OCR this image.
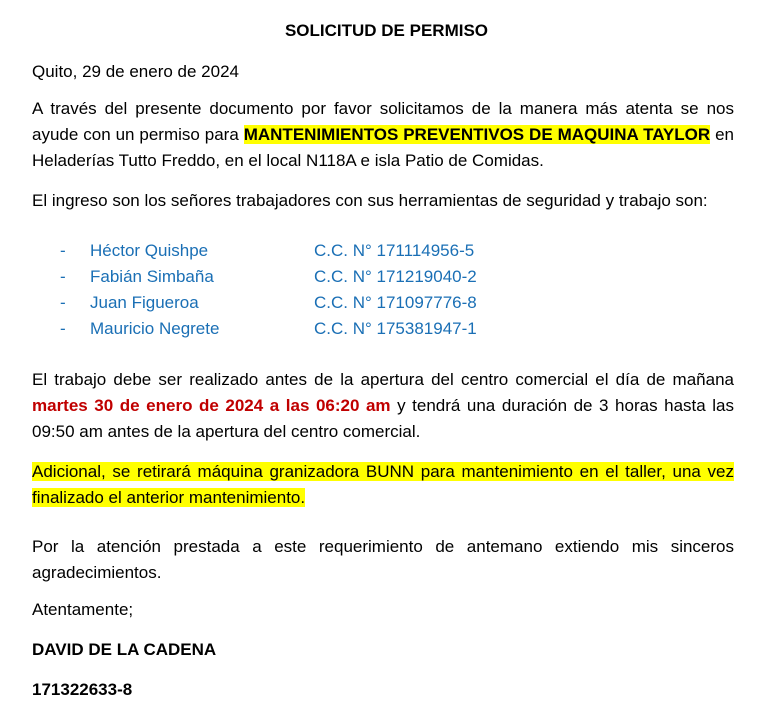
SOLICITUD DE PERMISO
Quito, 29 de enero de 2024
A través del presente documento por favor solicitamos de la manera más atenta se nos ayude con un permiso para MANTENIMIENTOS PREVENTIVOS DE MAQUINA TAYLOR en Heladerías Tutto Freddo, en el local N118A e isla Patio de Comidas.
El ingreso son los señores trabajadores con sus herramientas de seguridad y trabajo son:
- Héctor Quishpe	C.C. N° 171114956-5
- Fabián Simbaña	C.C. N° 171219040-2
- Juan Figueroa	C.C. N° 171097776-8
- Mauricio Negrete	C.C. N° 175381947-1
El trabajo debe ser realizado antes de la apertura del centro comercial el día de mañana martes 30 de enero de 2024 a las 06:20 am y tendrá una duración de 3 horas hasta las 09:50 am antes de la apertura del centro comercial.
Adicional, se retirará máquina granizadora BUNN para mantenimiento en el taller, una vez finalizado el anterior mantenimiento.
Por la atención prestada a este requerimiento de antemano extiendo mis sinceros agradecimientos.
Atentamente;
DAVID DE LA CADENA
171322633-8
